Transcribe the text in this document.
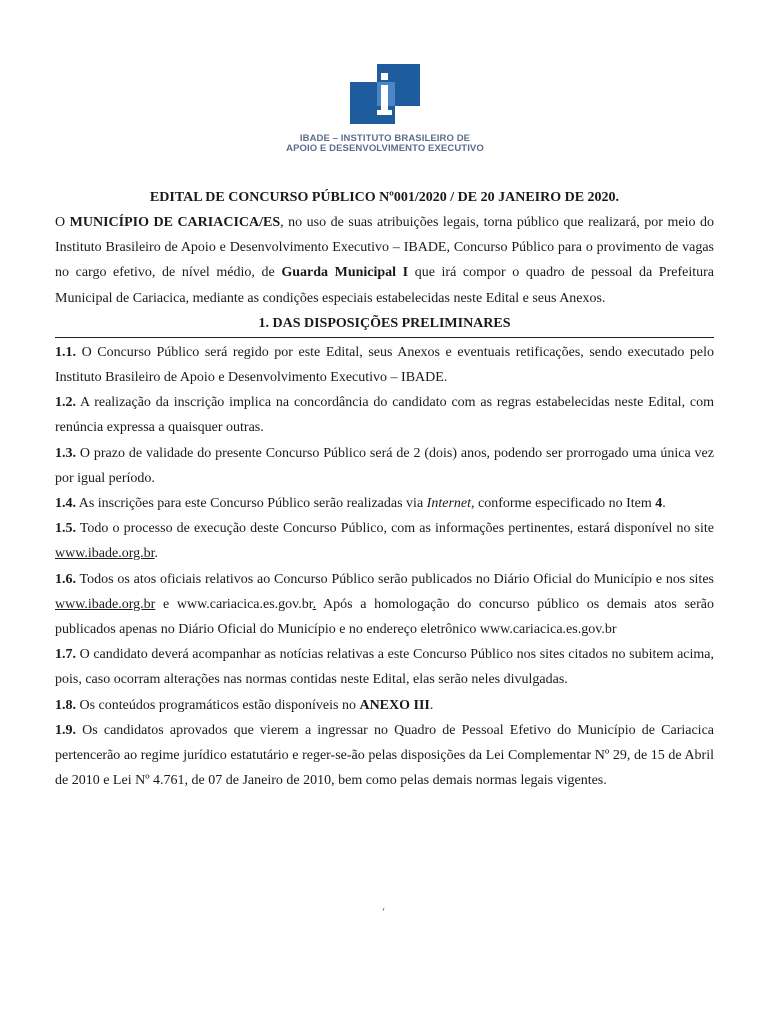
IBADE – INSTITUTO BRASILEIRO DE
APOIO E DESENVOLVIMENTO EXECUTIVO
EDITAL DE CONCURSO PÚBLICO Nº001/2020 / DE 20 JANEIRO DE 2020.

O MUNICÍPIO DE CARIACICA/ES, no uso de suas atribuições legais, torna público que realizará, por meio do Instituto Brasileiro de Apoio e Desenvolvimento Executivo – IBADE, Concurso Público para o provimento de vagas no cargo efetivo, de nível médio, de Guarda Municipal I que irá compor o quadro de pessoal da Prefeitura Municipal de Cariacica, mediante as condições especiais estabelecidas neste Edital e seus Anexos.

1. DAS DISPOSIÇÕES PRELIMINARES

1.1. O Concurso Público será regido por este Edital, seus Anexos e eventuais retificações, sendo executado pelo Instituto Brasileiro de Apoio e Desenvolvimento Executivo – IBADE.

1.2. A realização da inscrição implica na concordância do candidato com as regras estabelecidas neste Edital, com renúncia expressa a quaisquer outras.

1.3. O prazo de validade do presente Concurso Público será de 2 (dois) anos, podendo ser prorrogado uma única vez por igual período.

1.4. As inscrições para este Concurso Público serão realizadas via Internet, conforme especificado no Item 4.

1.5. Todo o processo de execução deste Concurso Público, com as informações pertinentes, estará disponível no site www.ibade.org.br.

1.6. Todos os atos oficiais relativos ao Concurso Público serão publicados no Diário Oficial do Município e nos sites www.ibade.org.br e www.cariacica.es.gov.br. Após a homologação do concurso público os demais atos serão publicados apenas no Diário Oficial do Município e no endereço eletrônico www.cariacica.es.gov.br

1.7. O candidato deverá acompanhar as notícias relativas a este Concurso Público nos sites citados no subitem acima, pois, caso ocorram alterações nas normas contidas neste Edital, elas serão neles divulgadas.

1.8. Os conteúdos programáticos estão disponíveis no ANEXO III.

1.9. Os candidatos aprovados que vierem a ingressar no Quadro de Pessoal Efetivo do Município de Cariacica pertencerão ao regime jurídico estatutário e reger-se-ão pelas disposições da Lei Complementar Nº 29, de 15 de Abril de 2010 e Lei Nº 4.761, de 07 de Janeiro de 2010, bem como pelas demais normas legais vigentes.

‘
